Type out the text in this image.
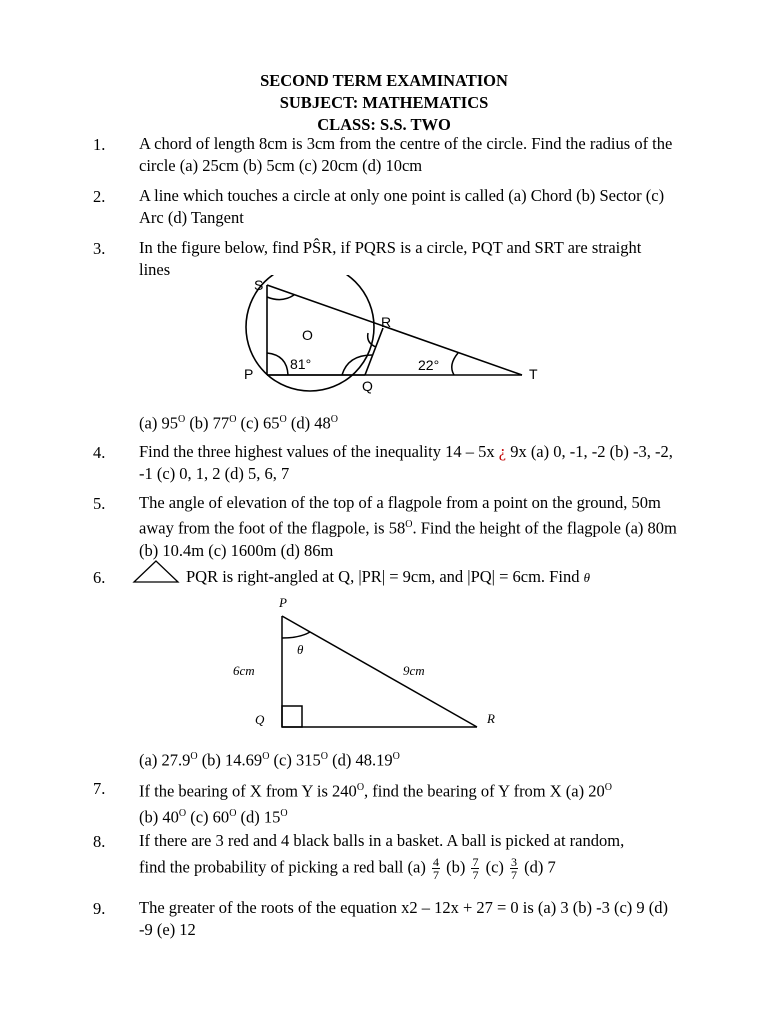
SECOND TERM EXAMINATION
SUBJECT: MATHEMATICS
CLASS: S.S. TWO
1. A chord of length 8cm is 3cm from the centre of the circle. Find the radius of the circle (a) 25cm (b) 5cm (c) 20cm (d) 10cm
2. A line which touches a circle at only one point is called (a) Chord (b) Sector (c) Arc (d) Tangent
3. In the figure below, find PŜR, if PQRS is a circle, PQT and SRT are straight lines
S
R
O
81°	22°
P
Q
T
(a) $95^O$ (b) $77^O$ (c) $65^O$ (d) $48^O$
4. Find the three highest values of the inequality 14 – 5x ¿ 9x (a) 0, -1, -2 (b) -3, -2, -1 (c) 0, 1, 2 (d) 5, 6, 7
5. The angle of elevation of the top of a flagpole from a point on the ground, 50m away from the foot of the flagpole, is $58^O$. Find the height of the flagpole (a) 80m (b) 10.4m (c) 1600m (d) 86m
6.	PQR is right-angled at Q, |PR| = 9cm, and |PQ| = 6cm. Find θ
P
θ
6cm	9cm
Q	R
(a) $27.9^O$ (b) $14.69^O$ (c) $315^O$ (d) $48.19^O$
7. If the bearing of X from Y is $240^O$, find the bearing of Y from X (a) $20^O$
(b) $40^O$ (c) $60^O$ (d) $15^O$
8. If there are 3 red and 4 black balls in a basket. A ball is picked at random,
find the probability of picking a red ball $(a) \frac{4}{7} (b) \frac{7}{7} (c) \frac{3}{7} (d)$ 7
9. The greater of the roots of the equation x2 – 12x + 27 = 0 is (a) 3 (b) -3 (c) 9 (d) -9 (e) 12
